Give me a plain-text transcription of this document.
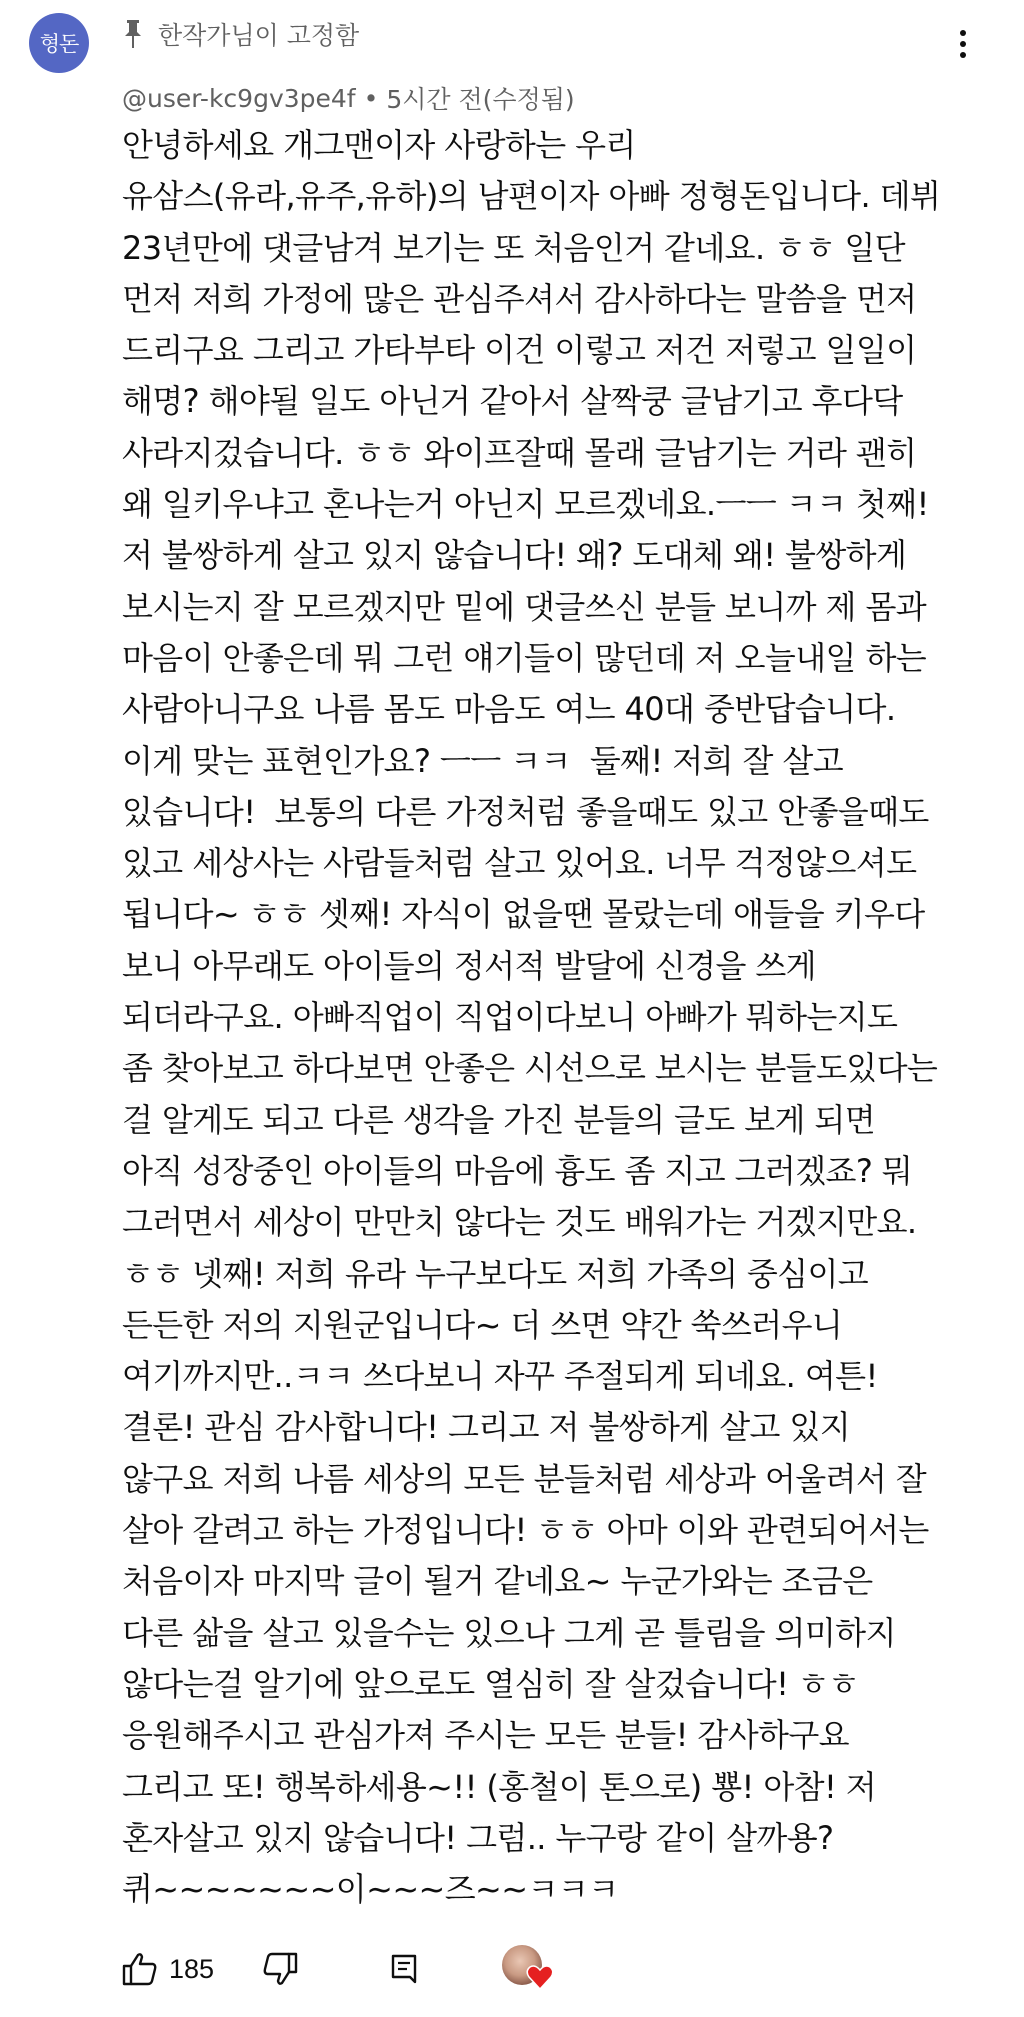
형돈	한작가님이 고정함
@user-kc9gv3pe4f • 5시간 전(수정됨)
안녕하세요 개그맨이자 사랑하는 우리
유삼스(유라,유주,유하)의 남편이자 아빠 정형돈입니다. 데뷔
23년만에 댓글남겨 보기는 또 처음인거 같네요. ㅎㅎ 일단
먼저 저희 가정에 많은 관심주셔서 감사하다는 말씀을 먼저
드리구요 그리고 가타부타 이건 이렇고 저건 저렇고 일일이
해명? 해야될 일도 아닌거 같아서 살짝쿵 글남기고 후다닥
사라지겄습니다. ㅎㅎ 와이프잘때 몰래 글남기는 거라 괜히
왜 일키우냐고 혼나는거 아닌지 모르겠네요.ㅡㅡ ㅋㅋ 첫째!
저 불쌍하게 살고 있지 않습니다! 왜? 도대체 왜! 불쌍하게
보시는지 잘 모르겠지만 밑에 댓글쓰신 분들 보니까 제 몸과
마음이 안좋은데 뭐 그런 얘기들이 많던데 저 오늘내일 하는
사람아니구요 나름 몸도 마음도 여느 40대 중반답습니다.
이게 맞는 표현인가요? ㅡㅡ ㅋㅋ  둘째! 저희 잘 살고
있습니다!  보통의 다른 가정처럼 좋을때도 있고 안좋을때도
있고 세상사는 사람들처럼 살고 있어요. 너무 걱정않으셔도
됩니다~ ㅎㅎ 셋째! 자식이 없을땐 몰랐는데 애들을 키우다
보니 아무래도 아이들의 정서적 발달에 신경을 쓰게
되더라구요. 아빠직업이 직업이다보니 아빠가 뭐하는지도
좀 찾아보고 하다보면 안좋은 시선으로 보시는 분들도있다는
걸 알게도 되고 다른 생각을 가진 분들의 글도 보게 되면
아직 성장중인 아이들의 마음에 흉도 좀 지고 그러겠죠? 뭐
그러면서 세상이 만만치 않다는 것도 배워가는 거겠지만요.
ㅎㅎ 넷째! 저희 유라 누구보다도 저희 가족의 중심이고
든든한 저의 지원군입니다~ 더 쓰면 약간 쑥쓰러우니
여기까지만..ㅋㅋ 쓰다보니 자꾸 주절되게 되네요. 여튼!
결론! 관심 감사합니다! 그리고 저 불쌍하게 살고 있지
않구요 저희 나름 세상의 모든 분들처럼 세상과 어울려서 잘
살아 갈려고 하는 가정입니다! ㅎㅎ 아마 이와 관련되어서는
처음이자 마지막 글이 될거 같네요~ 누군가와는 조금은
다른 삶을 살고 있을수는 있으나 그게 곧 틀림을 의미하지
않다는걸 알기에 앞으로도 열심히 잘 살겄습니다! ㅎㅎ
응원해주시고 관심가져 주시는 모든 분들! 감사하구요
그리고 또! 행복하세용~!! (홍철이 톤으로) 뿅! 아참! 저
혼자살고 있지 않습니다! 그럼.. 누구랑 같이 살까용?
퀴~~~~~~~이~~~즈~~ㅋㅋㅋ
185
